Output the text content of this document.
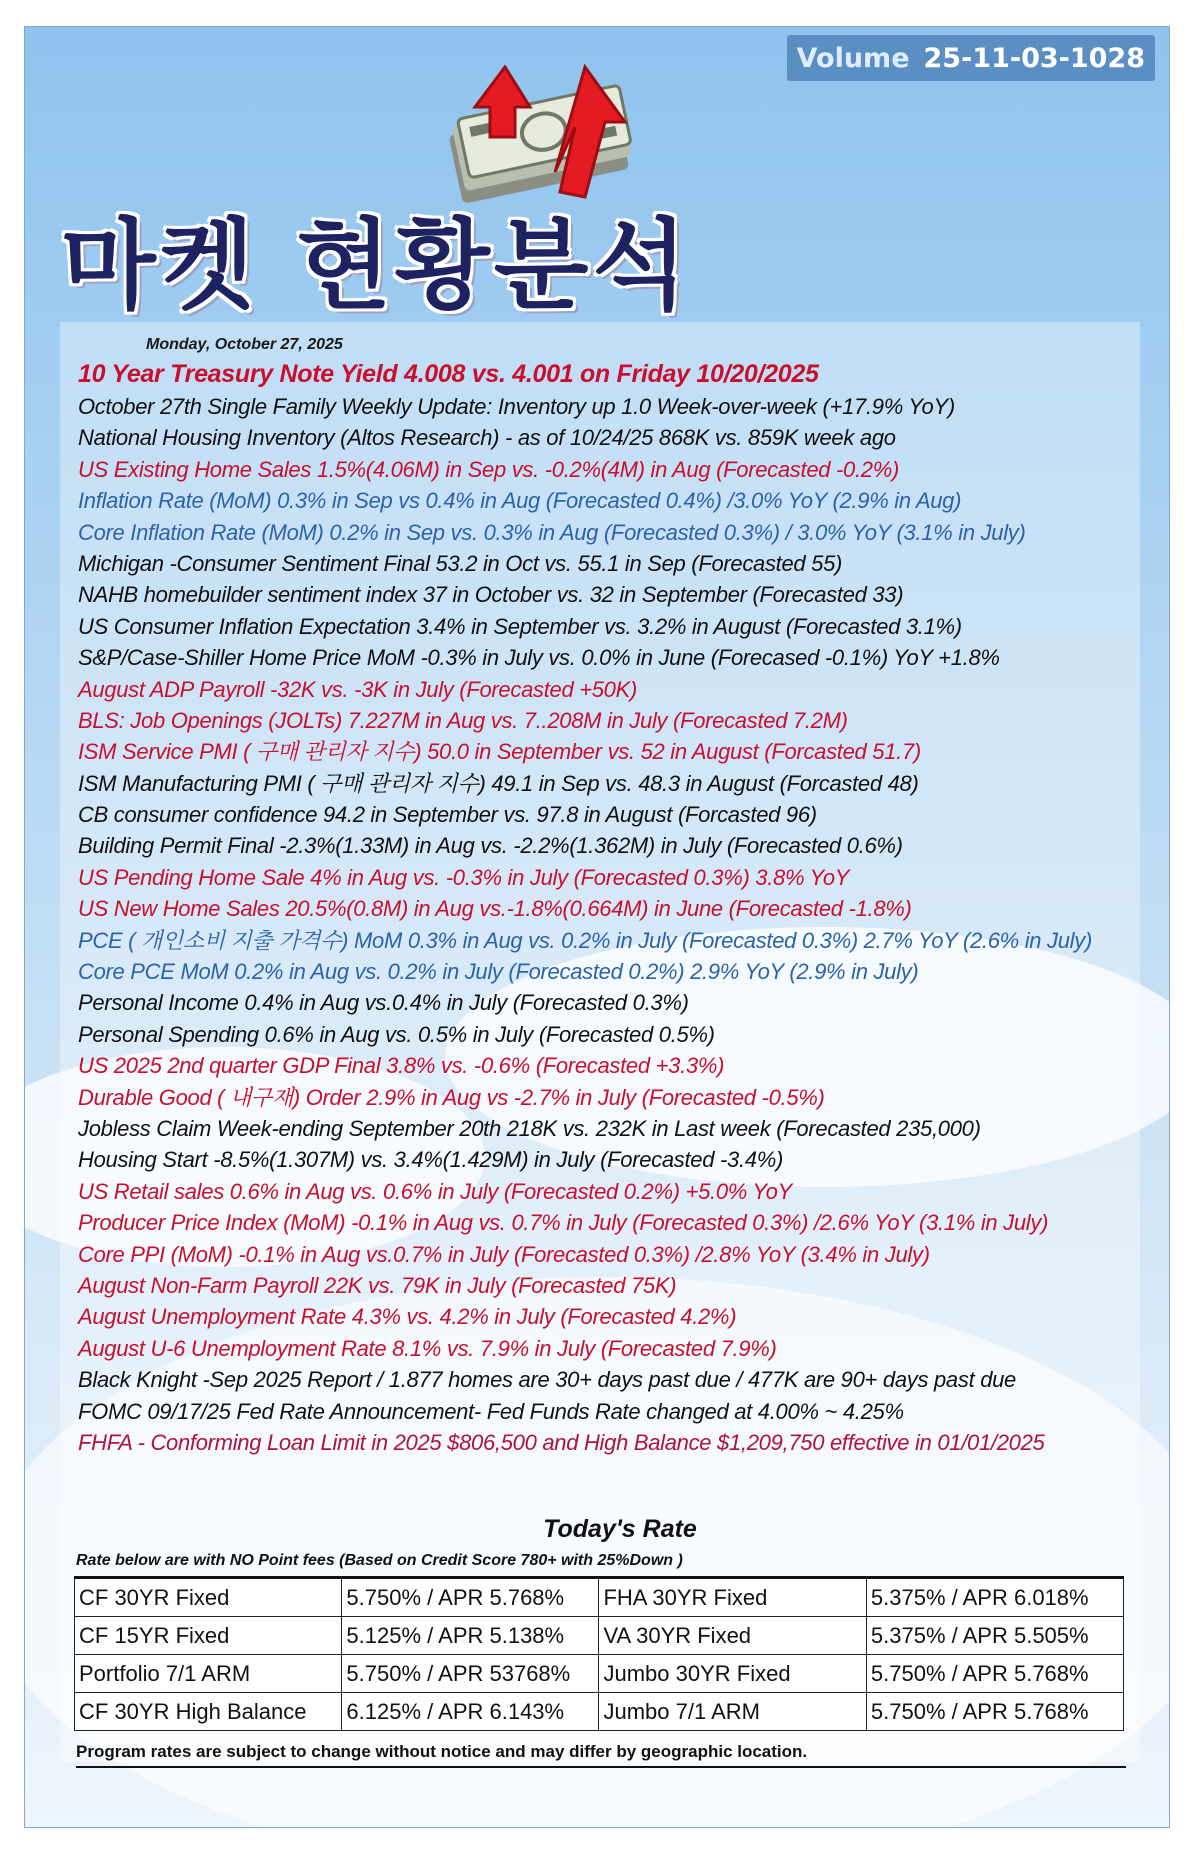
Volume 25-11-03-1028
마켓 현황분석
Monday, October 27, 2025
10 Year Treasury Note Yield 4.008 vs. 4.001 on Friday 10/20/2025
October 27th Single Family Weekly Update: Inventory up 1.0 Week-over-week (+17.9% YoY)
National Housing Inventory (Altos Research) - as of 10/24/25 868K vs. 859K week ago
US Existing Home Sales 1.5%(4.06M) in Sep vs. -0.2%(4M) in Aug (Forecasted -0.2%)
Inflation Rate (MoM) 0.3% in Sep vs 0.4% in Aug (Forecasted 0.4%) /3.0% YoY (2.9% in Aug)
Core Inflation Rate (MoM) 0.2% in Sep vs. 0.3% in Aug (Forecasted 0.3%) / 3.0% YoY (3.1% in July)
Michigan -Consumer Sentiment Final 53.2 in Oct vs. 55.1 in Sep (Forecasted 55)
NAHB homebuilder sentiment index 37 in October vs. 32 in September (Forecasted 33)
US Consumer Inflation Expectation 3.4% in September vs. 3.2% in August (Forecasted 3.1%)
S&P/Case-Shiller Home Price MoM -0.3% in July vs. 0.0% in June (Forecased -0.1%) YoY +1.8%
August ADP Payroll -32K vs. -3K in July (Forecasted +50K)
BLS: Job Openings (JOLTs) 7.227M in Aug vs. 7..208M in July (Forecasted 7.2M)
ISM Service PMI ( 구매 관리자 지수) 50.0 in September vs. 52 in August (Forcasted 51.7)
ISM Manufacturing PMI ( 구매 관리자 지수) 49.1 in Sep vs. 48.3 in August (Forcasted 48)
CB consumer confidence 94.2 in September vs. 97.8 in August (Forcasted 96)
Building Permit Final -2.3%(1.33M) in Aug vs. -2.2%(1.362M) in July (Forecasted 0.6%)
US Pending Home Sale 4% in Aug vs. -0.3% in July (Forecasted 0.3%) 3.8% YoY
US New Home Sales 20.5%(0.8M) in Aug vs.-1.8%(0.664M) in June (Forecasted -1.8%)
PCE ( 개인소비 지출 가격수) MoM 0.3% in Aug vs. 0.2% in July (Forecasted 0.3%) 2.7% YoY (2.6% in July)
Core PCE MoM 0.2% in Aug vs. 0.2% in July (Forecasted 0.2%) 2.9% YoY (2.9% in July)
Personal Income 0.4% in Aug vs.0.4% in July (Forecasted 0.3%)
Personal Spending 0.6% in Aug vs. 0.5% in July (Forecasted 0.5%)
US 2025 2nd quarter GDP Final 3.8% vs. -0.6% (Forecasted +3.3%)
Durable Good ( 내구재) Order 2.9% in Aug vs -2.7% in July (Forecasted -0.5%)
Jobless Claim Week-ending September 20th 218K vs. 232K in Last week (Forecasted 235,000)
Housing Start -8.5%(1.307M) vs. 3.4%(1.429M) in July (Forecasted -3.4%)
US Retail sales 0.6% in Aug vs. 0.6% in July (Forecasted 0.2%) +5.0% YoY
Producer Price Index (MoM) -0.1% in Aug vs. 0.7% in July (Forecasted 0.3%) /2.6% YoY (3.1% in July)
Core PPI (MoM) -0.1% in Aug vs.0.7% in July (Forecasted 0.3%) /2.8% YoY (3.4% in July)
August Non-Farm Payroll 22K vs. 79K in July (Forecasted 75K)
August Unemployment Rate 4.3% vs. 4.2% in July (Forecasted 4.2%)
August U-6 Unemployment Rate 8.1% vs. 7.9% in July (Forecasted 7.9%)
Black Knight -Sep 2025 Report / 1.877 homes are 30+ days past due / 477K are 90+ days past due
FOMC 09/17/25 Fed Rate Announcement- Fed Funds Rate changed at 4.00% ~ 4.25%
FHFA - Conforming Loan Limit in 2025 $806,500 and High Balance $1,209,750 effective in 01/01/2025
Today's Rate
Rate below are with NO Point fees (Based on Credit Score 780+ with 25%Down )
CF 30YR Fixed	5.750% / APR 5.768%	FHA 30YR Fixed	5.375% / APR 6.018%
CF 15YR Fixed	5.125% / APR 5.138%	VA 30YR Fixed	5.375% / APR 5.505%
Portfolio 7/1 ARM	5.750% / APR 53768%	Jumbo 30YR Fixed	5.750% / APR 5.768%
CF 30YR High Balance	6.125% / APR 6.143%	Jumbo 7/1 ARM	5.750% / APR 5.768%
Program rates are subject to change without notice and may differ by geographic location.
